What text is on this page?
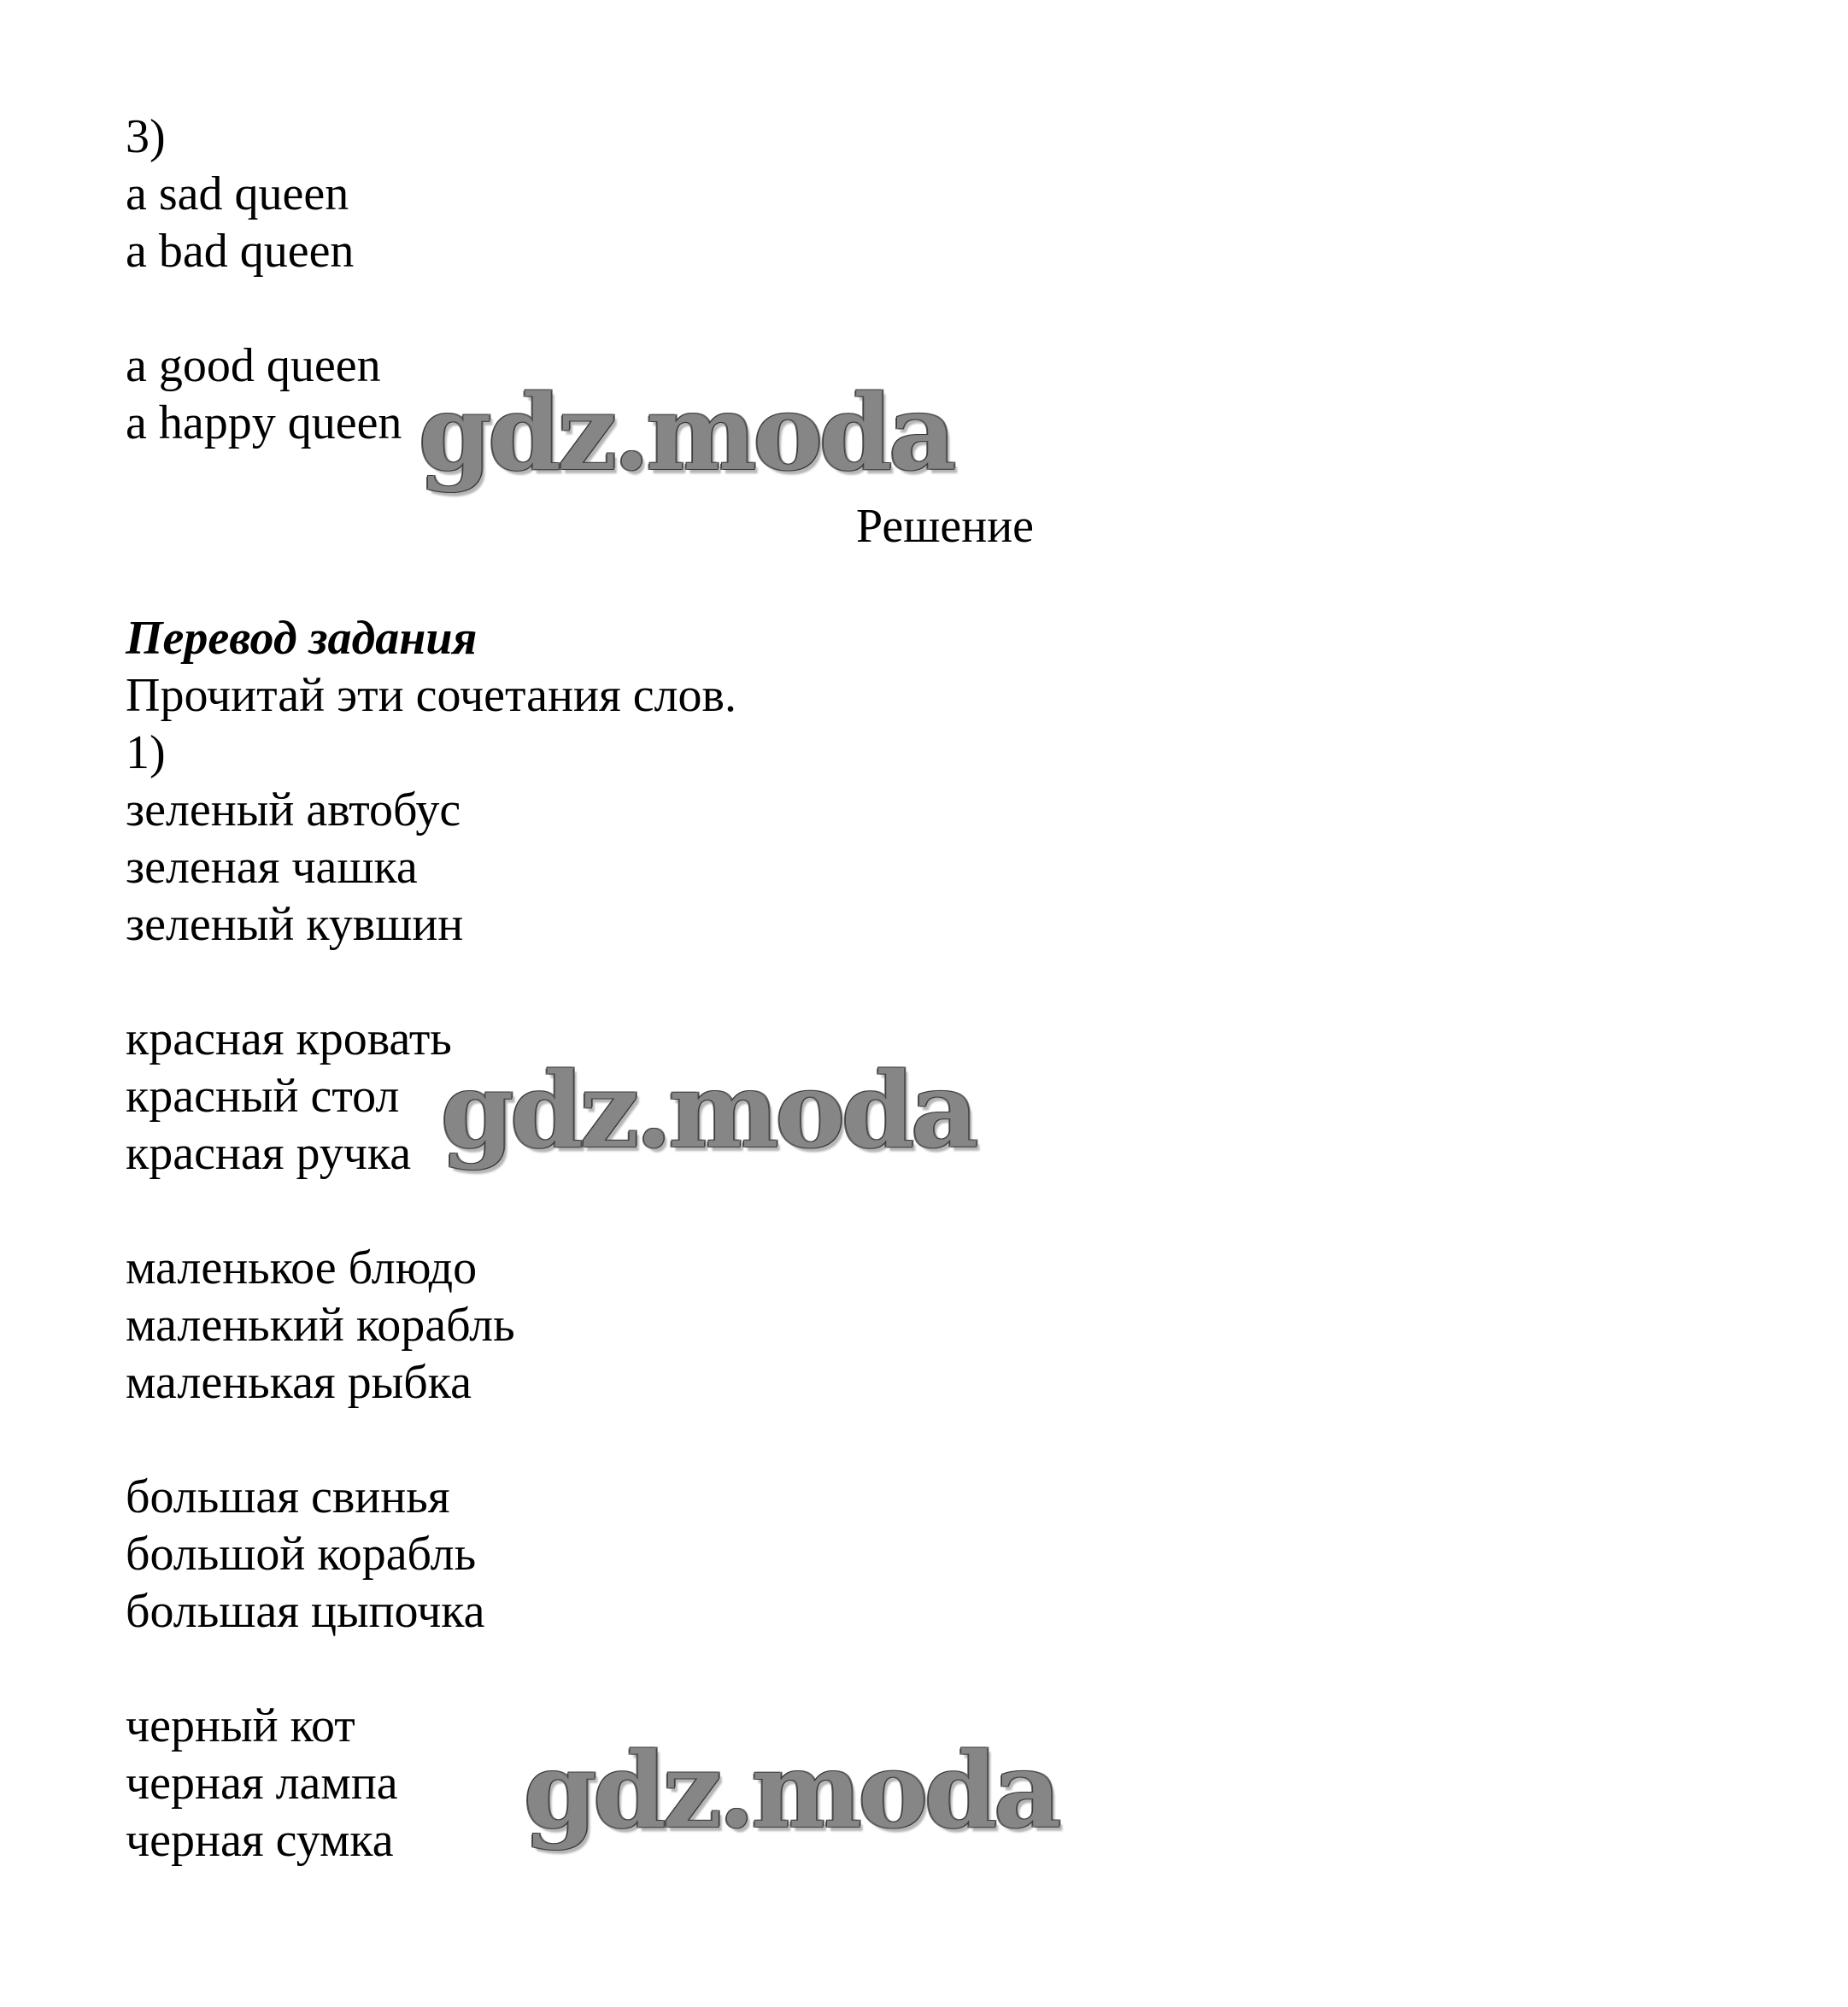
3)
a sad queen
a bad queen
a good queen
a happy queen
Решение
Перевод задания
Прочитай эти сочетания слов.
1)
зеленый автобус
зеленая чашка
зеленый кувшин
красная кровать
красный стол
красная ручка
маленькое блюдо
маленький корабль
маленькая рыбка
большая свинья
большой корабль
большая цыпочка
черный кот
черная лампа
черная сумка
gdz.moda
gdz.moda
gdz.moda
